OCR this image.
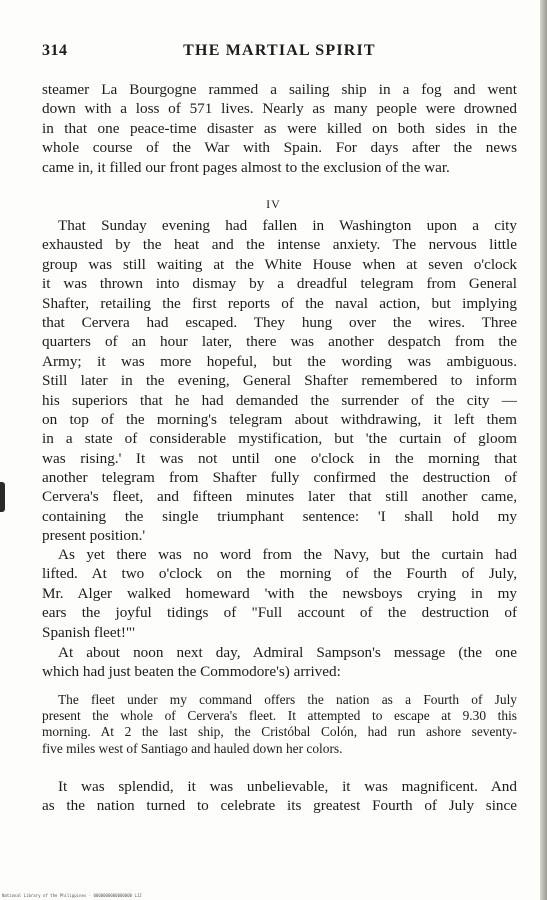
314	THE MARTIAL SPIRIT
steamer La Bourgogne rammed a sailing ship in a fog and went
down with a loss of 571 lives. Nearly as many people were drowned
in that one peace-time disaster as were killed on both sides in the
whole course of the War with Spain. For days after the news
came in, it filled our front pages almost to the exclusion of the war.
IV
That Sunday evening had fallen in Washington upon a city
exhausted by the heat and the intense anxiety. The nervous little
group was still waiting at the White House when at seven o'clock
it was thrown into dismay by a dreadful telegram from General
Shafter, retailing the first reports of the naval action, but implying
that Cervera had escaped. They hung over the wires. Three
quarters of an hour later, there was another despatch from the
Army; it was more hopeful, but the wording was ambiguous.
Still later in the evening, General Shafter remembered to inform
his superiors that he had demanded the surrender of the city —
on top of the morning's telegram about withdrawing, it left them
in a state of considerable mystification, but 'the curtain of gloom
was rising.' It was not until one o'clock in the morning that
another telegram from Shafter fully confirmed the destruction of
Cervera's fleet, and fifteen minutes later that still another came,
containing the single triumphant sentence: 'I shall hold my
present position.'
As yet there was no word from the Navy, but the curtain had
lifted. At two o'clock on the morning of the Fourth of July,
Mr. Alger walked homeward 'with the newsboys crying in my
ears the joyful tidings of "Full account of the destruction of
Spanish fleet!"'
At about noon next day, Admiral Sampson's message (the one
which had just beaten the Commodore's) arrived:
The fleet under my command offers the nation as a Fourth of July
present the whole of Cervera's fleet. It attempted to escape at 9.30 this
morning. At 2 the last ship, the Cristóbal Colón, had run ashore seventy-
five miles west of Santiago and hauled down her colors.
It was splendid, it was unbelievable, it was magnificent. And
as the nation turned to celebrate its greatest Fourth of July since
National Library of the Philippines · 0000000000000000 LJJ
